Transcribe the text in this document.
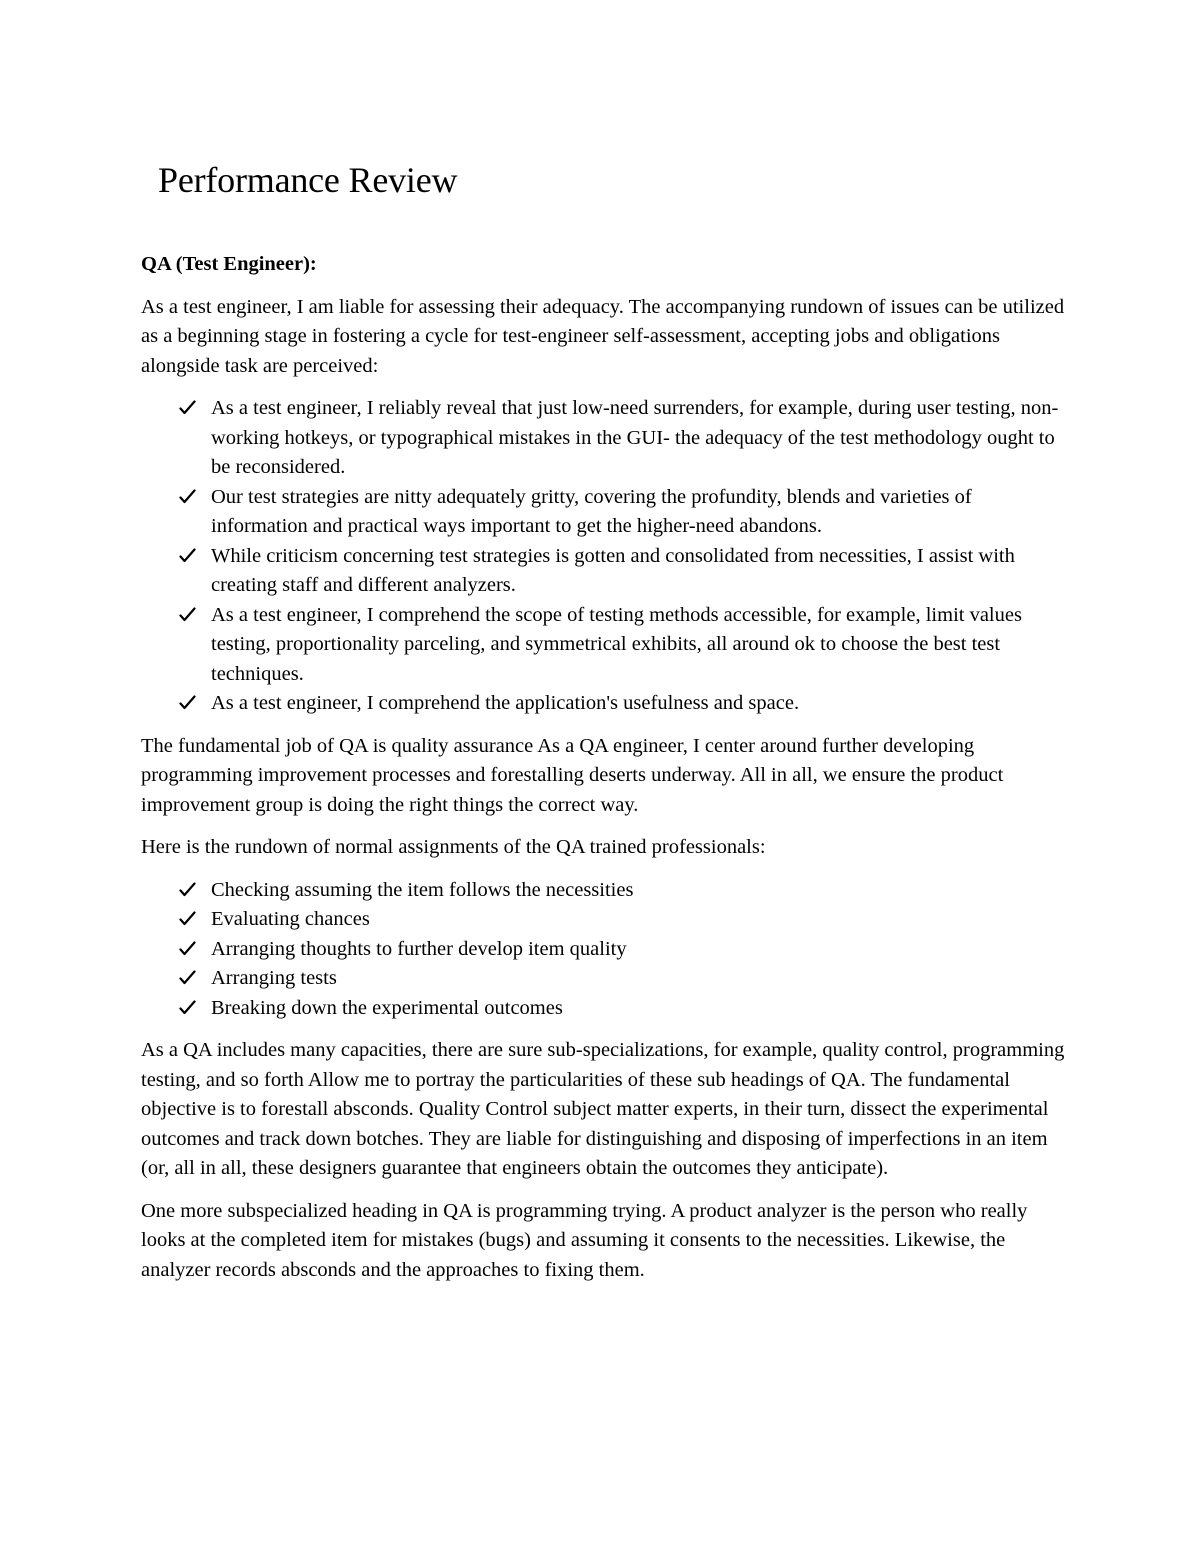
Performance Review

QA (Test Engineer):

As a test engineer, I am liable for assessing their adequacy. The accompanying rundown of issues can be utilized as a beginning stage in fostering a cycle for test-engineer self-assessment, accepting jobs and obligations alongside task are perceived:

As a test engineer, I reliably reveal that just low-need surrenders, for example, during user testing, non-working hotkeys, or typographical mistakes in the GUI- the adequacy of the test methodology ought to be reconsidered.
Our test strategies are nitty adequately gritty, covering the profundity, blends and varieties of information and practical ways important to get the higher-need abandons.
While criticism concerning test strategies is gotten and consolidated from necessities, I assist with creating staff and different analyzers.
As a test engineer, I comprehend the scope of testing methods accessible, for example, limit values testing, proportionality parceling, and symmetrical exhibits, all around ok to choose the best test techniques.
As a test engineer, I comprehend the application's usefulness and space.

The fundamental job of QA is quality assurance As a QA engineer, I center around further developing programming improvement processes and forestalling deserts underway. All in all, we ensure the product improvement group is doing the right things the correct way.

Here is the rundown of normal assignments of the QA trained professionals:

Checking assuming the item follows the necessities
Evaluating chances
Arranging thoughts to further develop item quality
Arranging tests
Breaking down the experimental outcomes

As a QA includes many capacities, there are sure sub-specializations, for example, quality control, programming testing, and so forth Allow me to portray the particularities of these sub headings of QA. The fundamental objective is to forestall absconds. Quality Control subject matter experts, in their turn, dissect the experimental outcomes and track down botches. They are liable for distinguishing and disposing of imperfections in an item (or, all in all, these designers guarantee that engineers obtain the outcomes they anticipate).

One more subspecialized heading in QA is programming trying. A product analyzer is the person who really looks at the completed item for mistakes (bugs) and assuming it consents to the necessities. Likewise, the analyzer records absconds and the approaches to fixing them.
